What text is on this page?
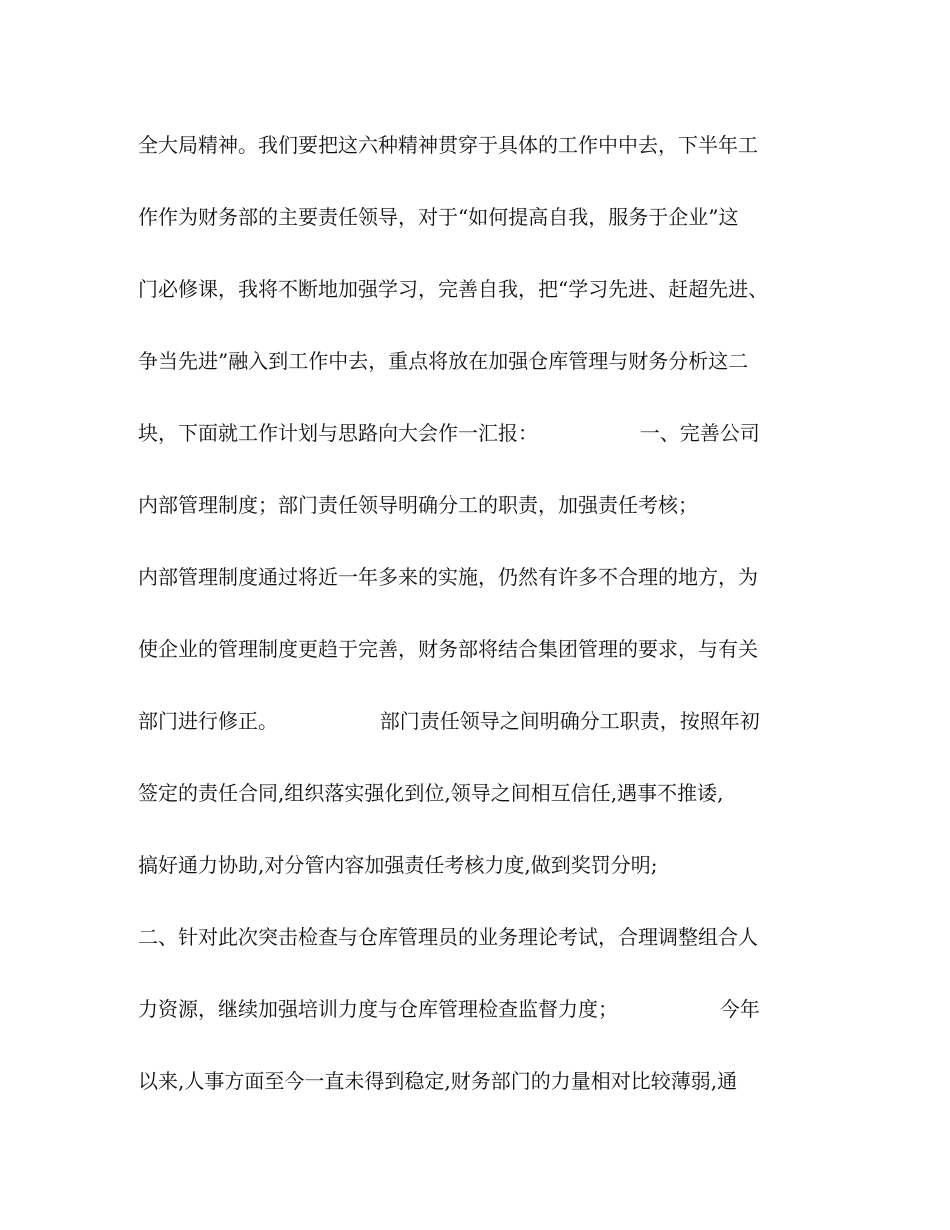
全大局精神。我们要把这六种精神贯穿于具体的工作中中去，下半年工

作作为财务部的主要责任领导，对于“如何提高自我，服务于企业”这

门必修课，我将不断地加强学习，完善自我，把“学习先进、赶超先进、

争当先进”融入到工作中去，重点将放在加强仓库管理与财务分析这二

块，下面就工作计划与思路向大会作一汇报：                一、完善公司

内部管理制度；部门责任领导明确分工的职责，加强责任考核；

内部管理制度通过将近一年多来的实施，仍然有许多不合理的地方，为

使企业的管理制度更趋于完善，财务部将结合集团管理的要求，与有关

部门进行修正。                部门责任领导之间明确分工职责，按照年初

签定的责任合同,组织落实强化到位,领导之间相互信任,遇事不推诿,

搞好通力协助,对分管内容加强责任考核力度,做到奖罚分明;

二、针对此次突击检查与仓库管理员的业务理论考试，合理调整组合人

力资源，继续加强培训力度与仓库管理检查监督力度；                今年

以来,人事方面至今一直未得到稳定,财务部门的力量相对比较薄弱,通
